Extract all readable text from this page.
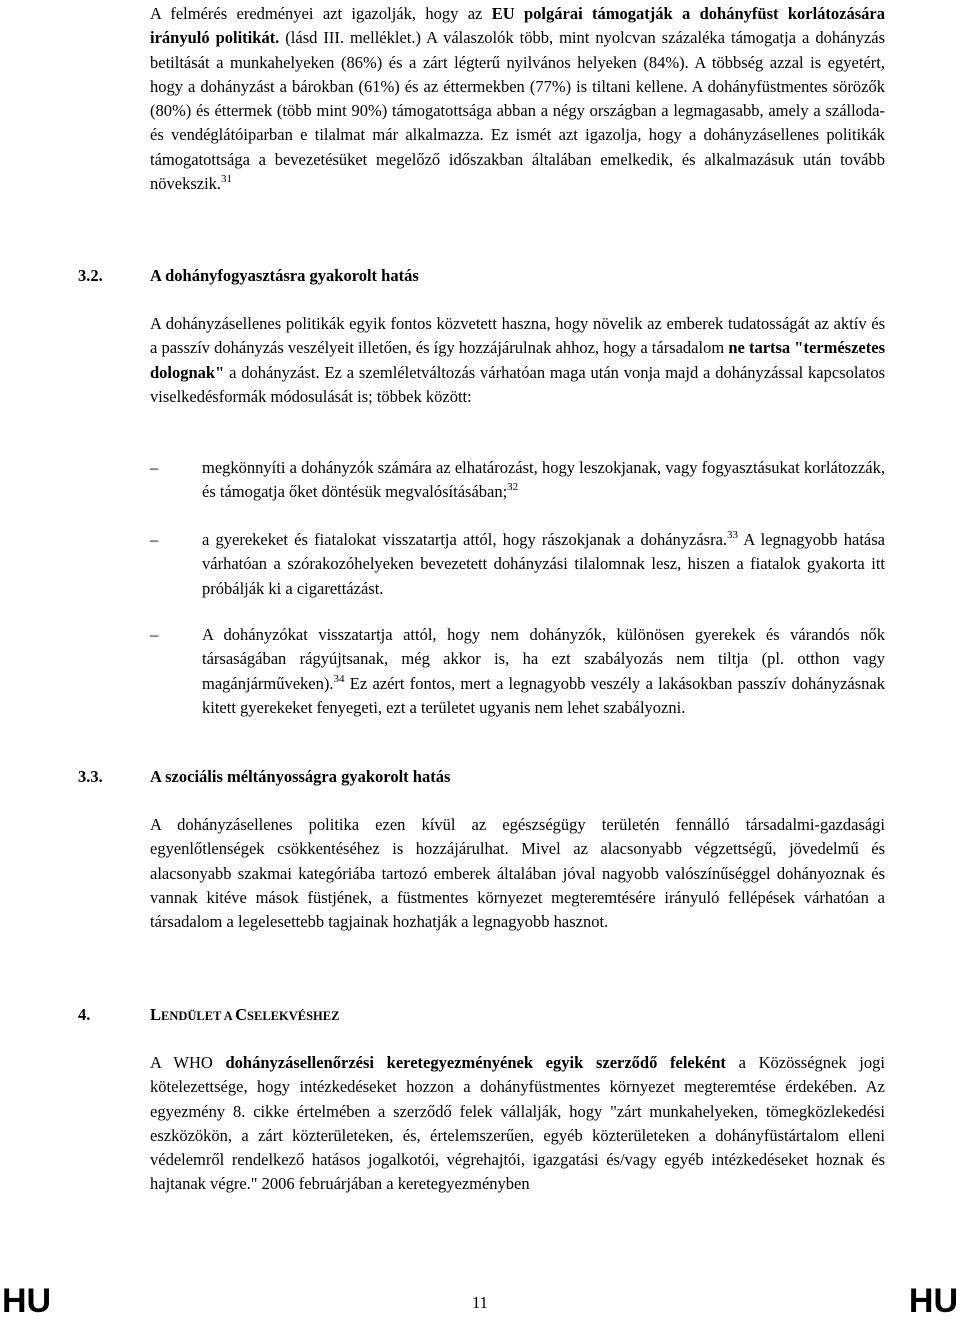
A felmérés eredményei azt igazolják, hogy az EU polgárai támogatják a dohányfüst korlátozására irányuló politikát. (lásd III. melléklet.) A válaszolók több, mint nyolcvan százaléka támogatja a dohányzás betiltását a munkahelyeken (86%) és a zárt légterű nyilvános helyeken (84%). A többség azzal is egyetért, hogy a dohányzást a bárokban (61%) és az éttermekben (77%) is tiltani kellene. A dohányfüstmentes sörözők (80%) és éttermek (több mint 90%) támogatottsága abban a négy országban a legmagasabb, amely a szálloda- és vendéglátóiparban e tilalmat már alkalmazza. Ez ismét azt igazolja, hogy a dohányzásellenes politikák támogatottsága a bevezetésüket megelőző időszakban általában emelkedik, és alkalmazásuk után tovább növekszik.$^{31}$

3.2.	A dohányfogyasztásra gyakorolt hatás

A dohányzásellenes politikák egyik fontos közvetett haszna, hogy növelik az emberek tudatosságát az aktív és a passzív dohányzás veszélyeit illetően, és így hozzájárulnak ahhoz, hogy a társadalom ne tartsa "természetes dolognak" a dohányzást. Ez a szemléletváltozás várhatóan maga után vonja majd a dohányzással kapcsolatos viselkedésformák módosulását is; többek között:

–	megkönnyíti a dohányzók számára az elhatározást, hogy leszokjanak, vagy fogyasztásukat korlátozzák, és támogatja őket döntésük megvalósításában;$^{32}$
–	a gyerekeket és fiatalokat visszatartja attól, hogy rászokjanak a dohányzásra.$^{33}$ A legnagyobb hatása várhatóan a szórakozóhelyeken bevezetett dohányzási tilalomnak lesz, hiszen a fiatalok gyakorta itt próbálják ki a cigarettázást.
–	A dohányzókat visszatartja attól, hogy nem dohányzók, különösen gyerekek és várandós nők társaságában rágyújtsanak, még akkor is, ha ezt szabályozás nem tiltja (pl. otthon vagy magánjárműveken).$^{34}$ Ez azért fontos, mert a legnagyobb veszély a lakásokban passzív dohányzásnak kitett gyerekeket fenyegeti, ezt a területet ugyanis nem lehet szabályozni.
3.3.	A szociális méltányosságra gyakorolt hatás

A dohányzásellenes politika ezen kívül az egészségügy területén fennálló társadalmi-gazdasági egyenlőtlenségek csökkentéséhez is hozzájárulhat. Mivel az alacsonyabb végzettségű, jövedelmű és alacsonyabb szakmai kategóriába tartozó emberek általában jóval nagyobb valószínűséggel dohányoznak és vannak kitéve mások füstjének, a füstmentes környezet megteremtésére irányuló fellépések várhatóan a társadalom a legelesettebb tagjainak hozhatják a legnagyobb hasznot.

4.	LENDÜLET A CSELEKVÉSHEZ

A WHO dohányzásellenőrzési keretegyezményének egyik szerződő feleként a Közösségnek jogi kötelezettsége, hogy intézkedéseket hozzon a dohányfüstmentes környezet megteremtése érdekében. Az egyezmény 8. cikke értelmében a szerződő felek vállalják, hogy "zárt munkahelyeken, tömegközlekedési eszközökön, a zárt közterületeken, és, értelemszerűen, egyéb közterületeken a dohányfüstártalom elleni védelemről rendelkező hatásos jogalkotói, végrehajtói, igazgatási és/vagy egyéb intézkedéseket hoznak és hajtanak végre." 2006 februárjában a keretegyezményben

HU	11	HU
